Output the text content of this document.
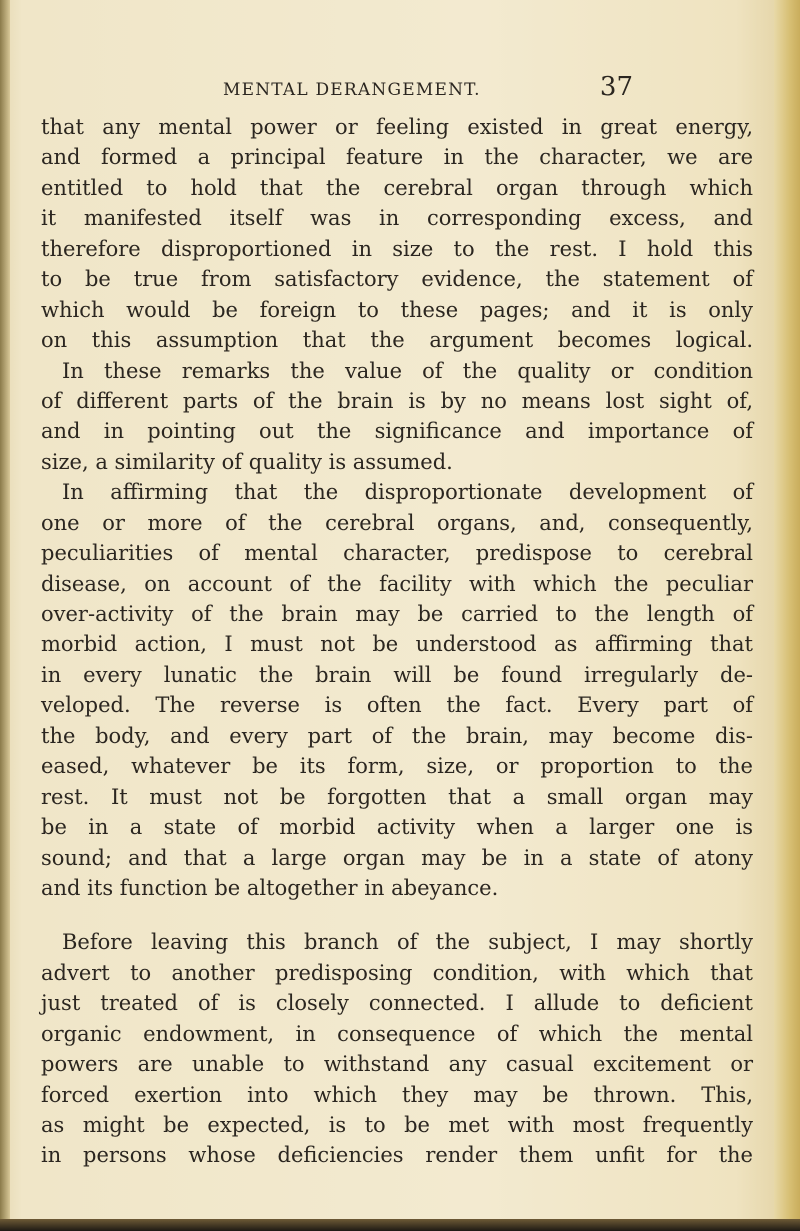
MENTAL DERANGEMENT.	37
that any mental power or feeling existed in great energy,
and formed a principal feature in the character, we are
entitled to hold that the cerebral organ through which
it manifested itself was in corresponding excess, and
therefore disproportioned in size to the rest. I hold this
to be true from satisfactory evidence, the statement of
which would be foreign to these pages; and it is only
on this assumption that the argument becomes logical.
In these remarks the value of the quality or condition
of different parts of the brain is by no means lost sight of,
and in pointing out the significance and importance of
size, a similarity of quality is assumed.
In affirming that the disproportionate development of
one or more of the cerebral organs, and, consequently,
peculiarities of mental character, predispose to cerebral
disease, on account of the facility with which the peculiar
over-activity of the brain may be carried to the length of
morbid action, I must not be understood as affirming that
in every lunatic the brain will be found irregularly de-
veloped. The reverse is often the fact. Every part of
the body, and every part of the brain, may become dis-
eased, whatever be its form, size, or proportion to the
rest. It must not be forgotten that a small organ may
be in a state of morbid activity when a larger one is
sound; and that a large organ may be in a state of atony
and its function be altogether in abeyance.
Before leaving this branch of the subject, I may shortly
advert to another predisposing condition, with which that
just treated of is closely connected. I allude to deficient
organic endowment, in consequence of which the mental
powers are unable to withstand any casual excitement or
forced exertion into which they may be thrown. This,
as might be expected, is to be met with most frequently
in persons whose deficiencies render them unfit for the
